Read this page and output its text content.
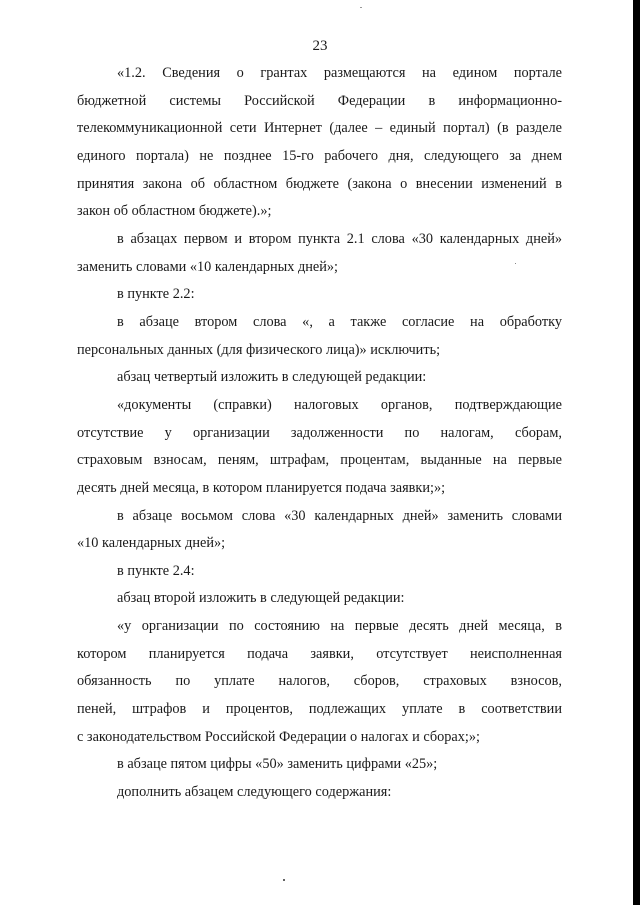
23
«1.2. Сведения о грантах размещаются на едином портале
бюджетной системы Российской Федерации в информационно-
телекоммуникационной сети Интернет (далее – единый портал) (в разделе
единого портала) не позднее 15-го рабочего дня, следующего за днем
принятия закона об областном бюджете (закона о внесении изменений в
закон об областном бюджете).»;
в абзацах первом и втором пункта 2.1 слова «30 календарных дней»
заменить словами «10 календарных дней»;
в пункте 2.2:
в абзаце втором слова «, а также согласие на обработку
персональных данных (для физического лица)» исключить;
абзац четвертый изложить в следующей редакции:
«документы (справки) налоговых органов, подтверждающие
отсутствие у организации задолженности по налогам, сборам,
страховым взносам, пеням, штрафам, процентам, выданные на первые
десять дней месяца, в котором планируется подача заявки;»;
в абзаце восьмом слова «30 календарных дней» заменить словами
«10 календарных дней»;
в пункте 2.4:
абзац второй изложить в следующей редакции:
«у организации по состоянию на первые десять дней месяца, в
котором планируется подача заявки, отсутствует неисполненная
обязанность по уплате налогов, сборов, страховых взносов,
пеней, штрафов и процентов, подлежащих уплате в соответствии
с законодательством Российской Федерации о налогах и сборах;»;
в абзаце пятом цифры «50» заменить цифрами «25»;
дополнить абзацем следующего содержания:
